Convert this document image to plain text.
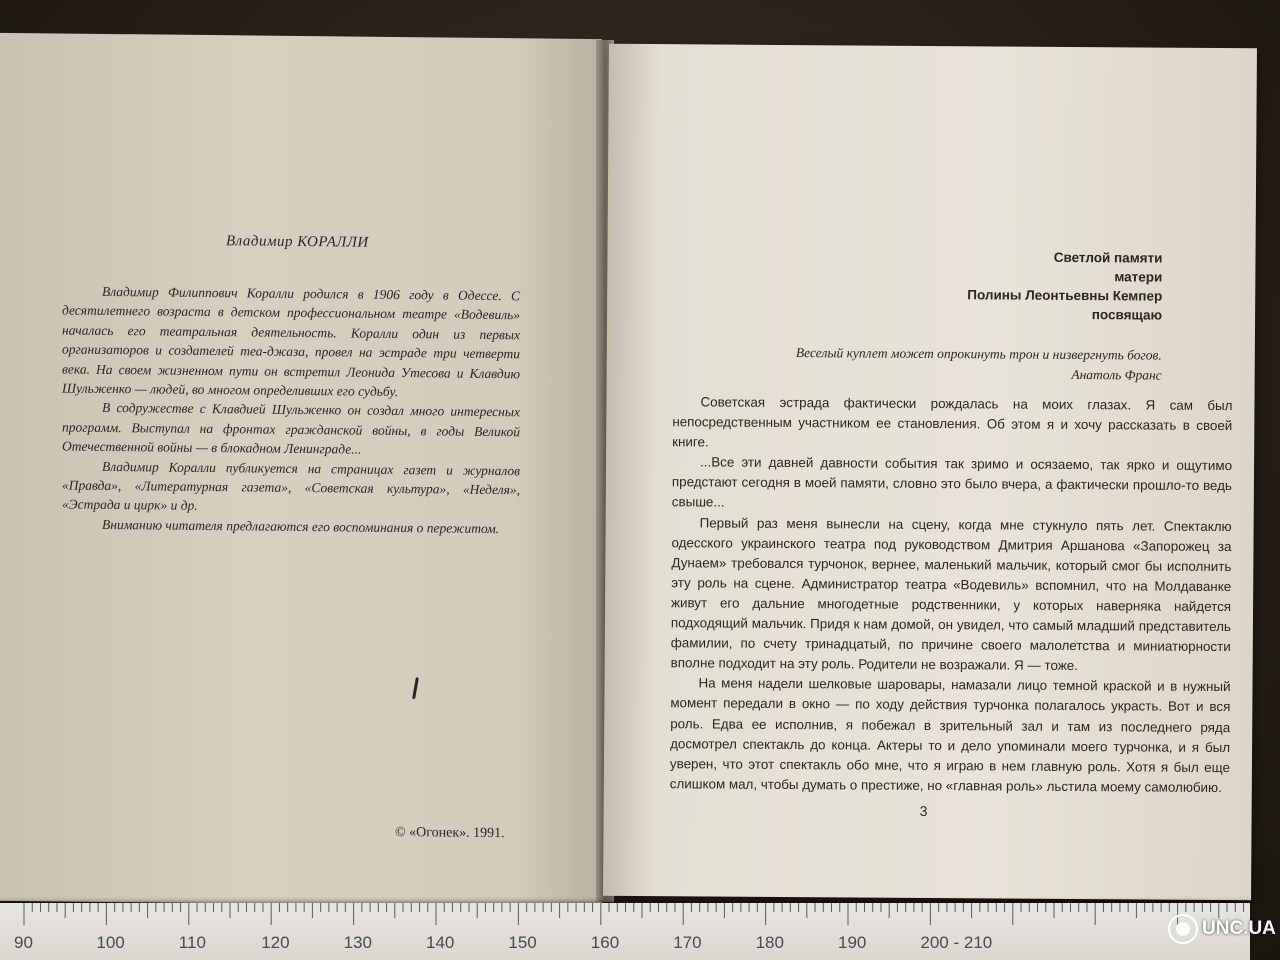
Владимир КОРАЛЛИ

Владимир Филиппович Коралли родился в 1906 году в Одессе. С десятилетнего возраста в детском профессиональном театре «Водевиль» началась его театральная деятельность. Коралли один из первых организаторов и создателей теа-джаза, провел на эстраде три четверти века. На своем жизненном пути он встретил Леонида Утесова и Клавдию Шульженко — людей, во многом определивших его судьбу.

В содружестве с Клавдией Шульженко он создал много интересных программ. Выступал на фронтах гражданской войны, в годы Великой Отечественной войны — в блокадном Ленинграде...

Владимир Коралли публикуется на страницах газет и журналов «Правда», «Литературная газета», «Советская культура», «Неделя», «Эстрада и цирк» и др.

Вниманию читателя предлагаются его воспоминания о пережитом.

© «Огонек». 1991.
Светлой памяти
матери
Полины Леонтьевны Кемпер
посвящаю
Веселый куплет может опрокинуть трон и низвергнуть богов.
Анатоль Франс

Советская эстрада фактически рождалась на моих глазах. Я сам был непосредственным участником ее становления. Об этом я и хочу рассказать в своей книге.

...Все эти давней давности события так зримо и осязаемо, так ярко и ощутимо предстают сегодня в моей памяти, словно это было вчера, а фактически прошло-то ведь свыше...

Первый раз меня вынесли на сцену, когда мне стукнуло пять лет. Спектаклю одесского украинского театра под руководством Дмитрия Аршанова «Запорожец за Дунаем» требовался турчонок, вернее, маленький мальчик, который смог бы исполнить эту роль на сцене. Администратор театра «Водевиль» вспомнил, что на Молдаванке живут его дальние многодетные родственники, у которых наверняка найдется подходящий мальчик. Придя к нам домой, он увидел, что самый младший представитель фамилии, по счету тринадцатый, по причине своего малолетства и миниатюрности вполне подходит на эту роль. Родители не возражали. Я — тоже.

На меня надели шелковые шаровары, намазали лицо темной краской и в нужный момент передали в окно — по ходу действия турчонка полагалось украсть. Вот и вся роль. Едва ее исполнив, я побежал в зрительный зал и там из последнего ряда досмотрел спектакль до конца. Актеры то и дело упоминали моего турчонка, и я был уверен, что этот спектакль обо мне, что я играю в нем главную роль. Хотя я был еще слишком мал, чтобы думать о престиже, но «главная роль» льстила моему самолюбию.

3
90	100	110	120	130	140	150	160	170	180	190	200 - 210
UNC.UA
